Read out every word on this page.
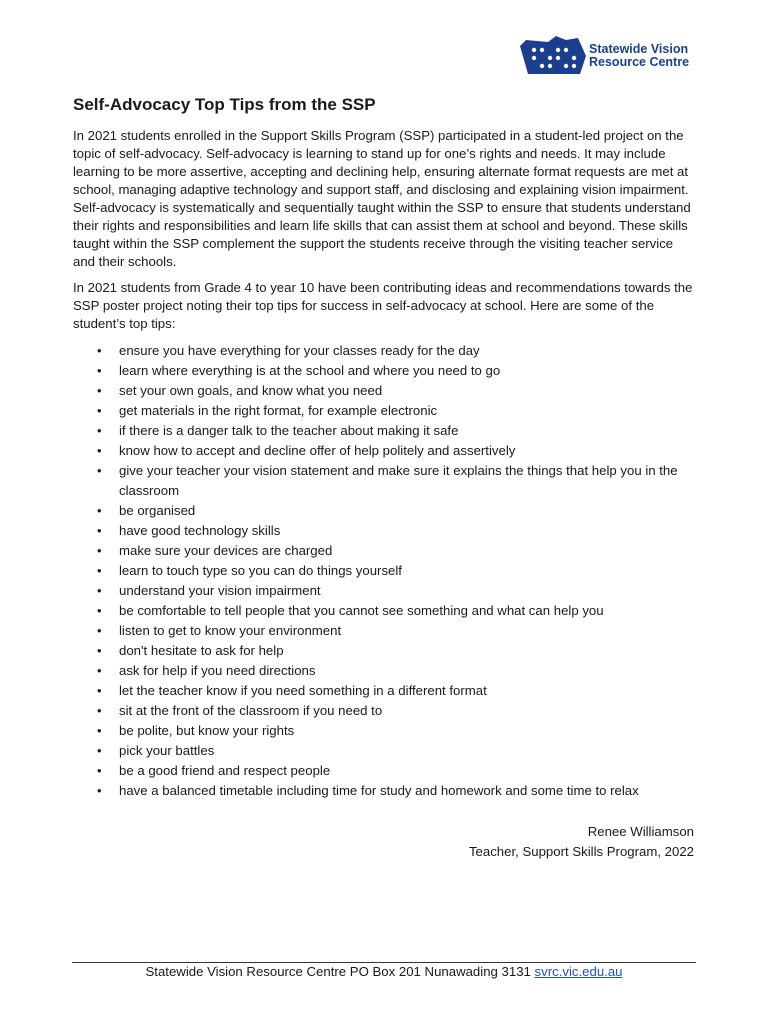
Statewide Vision
Resource Centre
Self-Advocacy Top Tips from the SSP

In 2021 students enrolled in the Support Skills Program (SSP) participated in a student-led project on the topic of self-advocacy. Self-advocacy is learning to stand up for one’s rights and needs. It may include learning to be more assertive, accepting and declining help, ensuring alternate format requests are met at school, managing adaptive technology and support staff, and disclosing and explaining vision impairment. Self-advocacy is systematically and sequentially taught within the SSP to ensure that students understand their rights and responsibilities and learn life skills that can assist them at school and beyond. These skills taught within the SSP complement the support the students receive through the visiting teacher service and their schools.

In 2021 students from Grade 4 to year 10 have been contributing ideas and recommendations towards the SSP poster project noting their top tips for success in self-advocacy at school. Here are some of the student’s top tips:

• ensure you have everything for your classes ready for the day
• learn where everything is at the school and where you need to go
• set your own goals, and know what you need
• get materials in the right format, for example electronic
• if there is a danger talk to the teacher about making it safe
• know how to accept and decline offer of help politely and assertively
• give your teacher your vision statement and make sure it explains the things that help you in the classroom
• be organised
• have good technology skills
• make sure your devices are charged
• learn to touch type so you can do things yourself
• understand your vision impairment
• be comfortable to tell people that you cannot see something and what can help you
• listen to get to know your environment
• don't hesitate to ask for help
• ask for help if you need directions
• let the teacher know if you need something in a different format
• sit at the front of the classroom if you need to
• be polite, but know your rights
• pick your battles
• be a good friend and respect people
• have a balanced timetable including time for study and homework and some time to relax
Renee Williamson
Teacher, Support Skills Program, 2022
Statewide Vision Resource Centre PO Box 201 Nunawading 3131 svrc.vic.edu.au
